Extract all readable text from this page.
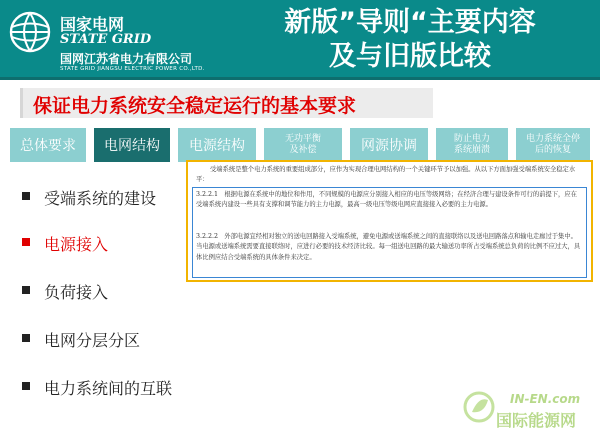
国家电网
STATE GRID
国网江苏省电力有限公司
STATE GRID JIANGSU ELECTRIC POWER CO.,LTD.
新版”导则“主要内容
及与旧版比较
保证电力系统安全稳定运行的基本要求
总体要求 电网结构 电源结构	无功平衡
及补偿	网源协调	防止电力
系统崩溃
电力系统全停
后的恢复
受端系统的建设
电源接入
负荷接入
电网分层分区
电力系统间的互联
受端系统是整个电力系统的重要组成部分，应作为实现合理电网结构的一个关键环节予以加强。从以下方面加强受端系统安全稳定水平：
3.2.2.1　根据电源在系统中的地位和作用，不同规模的电源应分别接入相应的电压等级网络；在经济合理与建设条件可行的前提下，应在受端系统内建设一些具有支撑和调节能力的主力电源，最高一级电压等级电网应直接接入必要的主力电源。
3.2.2.2　外部电源宜经相对独立的送电回路接入受端系统，避免电源或送端系统之间的直接联络以及送电回路落点和输电走廊过于集中。当电源或送端系统需要直接联络时，应进行必要的技术经济比较。每一组送电回路的最大输送功率所占受端系统总负荷的比例不应过大，具体比例应结合受端系统的具体条件来决定。
IN-EN.com
国际能源网
